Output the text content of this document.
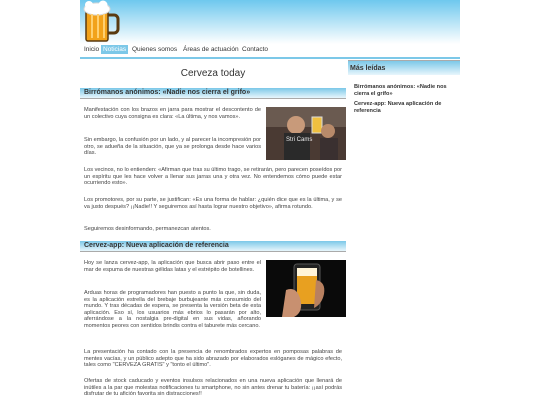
Inicio Noticias Quienes somos Áreas de actuación Contacto
Cerveza today
Birrómanos anónimos: «Nadie nos cierra el grifo»
Manifestación con los brazos en jarra para mostrar el descontento de un colectivo cuya consigna es clara: «La última, y nos vamos».
Sin embargo, la confusión por un lado, y al parecer la incompresión por otro, se adueña de la situación, que ya se prolonga desde hace varios días.
Los vecinos, no lo entienden: «Afirman que tras su último trago, se retirarán, pero parecen poseídos por un espíritu que les hace volver a llenar sus jarras una y otra vez. No entendemos cómo puede estar ocurriendo esto».
Los promotores, por su parte, se justifican: «Es una forma de hablar: ¿quién dice que es la última, y se va justo después? ¡¡Nadie!! Y seguiremos así hasta lograr nuestro objetivo», afirma rotundo.
Seguiremos desinformando, permanezcan atentos.
Cervez-app: Nueva aplicación de referencia
Hoy se lanza cervez-app, la aplicación que busca abrir paso entre el mar de espuma de nuestras gélidas latas y el estrépito de botellines.
Arduas horas de programadores han puesto a punto la que, sin duda, es la aplicación estrella del brebaje burbujeante más consumido del mundo. Y tras décadas de espera, se presenta la versión beta de esta aplicación. Eso sí, los usuarios más ebrios lo pasarán por alto, aferrándose a la nostalgia pre-digital en sus vidas, añorando momentos peores con sentidos brindis contra el taburete más cercano.
La presentación ha contado con la presencia de renombrados expertos en pomposas palabras de mentes vacías, y un público adepto que ha sido abrazado por elaborados eslóganes de mágico efecto, tales como "CERVEZA GRATIS" y "tonto el último".
Ofertas de stock caducado y eventos insulsos relacionados en una nueva aplicación que llenará de inútiles a la par que molestas notificaciones tu smartphone, no sin antes drenar tu batería: ¡¡así podrás disfrutar de tu afición favorita sin distracciones!!
Stri Cams
Más leídas
Birrómanos anónimos: «Nadie nos cierra el grifo»
Cervez-app: Nueva aplicación de referencia
